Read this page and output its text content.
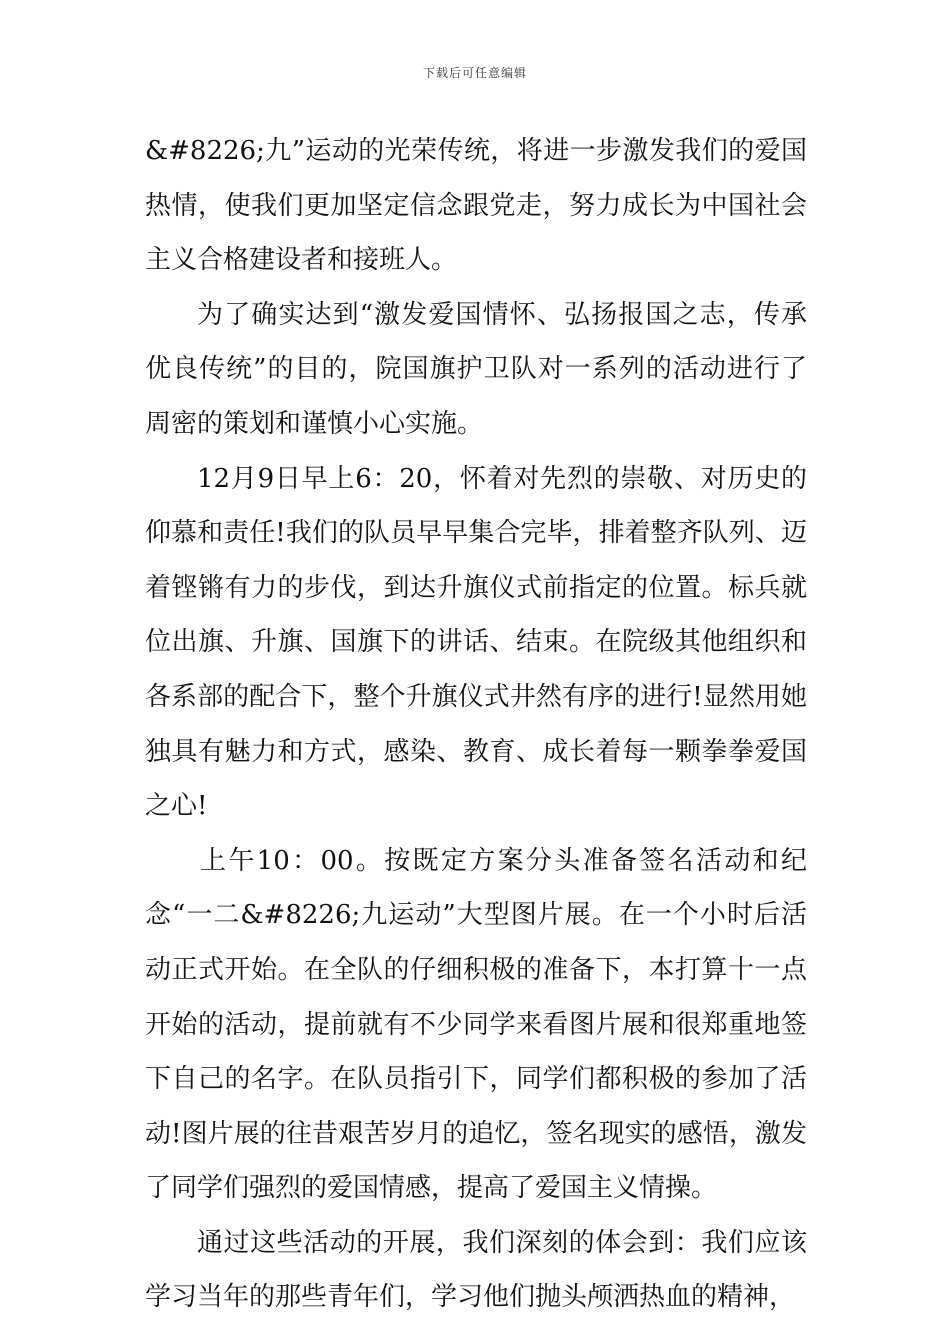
下载后可任意编辑

&#8226;九”运动的光荣传统，将进一步激发我们的爱国热情，使我们更加坚定信念跟党走，努力成长为中国社会主义合格建设者和接班人。

为了确实达到“激发爱国情怀、弘扬报国之志，传承优良传统”的目的，院国旗护卫队对一系列的活动进行了周密的策划和谨慎小心实施。

12月9日早上6：20，怀着对先烈的崇敬、对历史的仰慕和责任!我们的队员早早集合完毕，排着整齐队列、迈着铿锵有力的步伐，到达升旗仪式前指定的位置。标兵就位出旗、升旗、国旗下的讲话、结束。在院级其他组织和各系部的配合下，整个升旗仪式井然有序的进行!显然用她独具有魅力和方式，感染、教育、成长着每一颗拳拳爱国之心!

上午10：00。按既定方案分头准备签名活动和纪念“一二&#8226;九运动”大型图片展。在一个小时后活动正式开始。在全队的仔细积极的准备下，本打算十一点开始的活动，提前就有不少同学来看图片展和很郑重地签下自己的名字。在队员指引下，同学们都积极的参加了活动!图片展的往昔艰苦岁月的追忆，签名现实的感悟，激发了同学们强烈的爱国情感，提高了爱国主义情操。

通过这些活动的开展，我们深刻的体会到：我们应该学习当年的那些青年们，学习他们抛头颅洒热血的精神，
